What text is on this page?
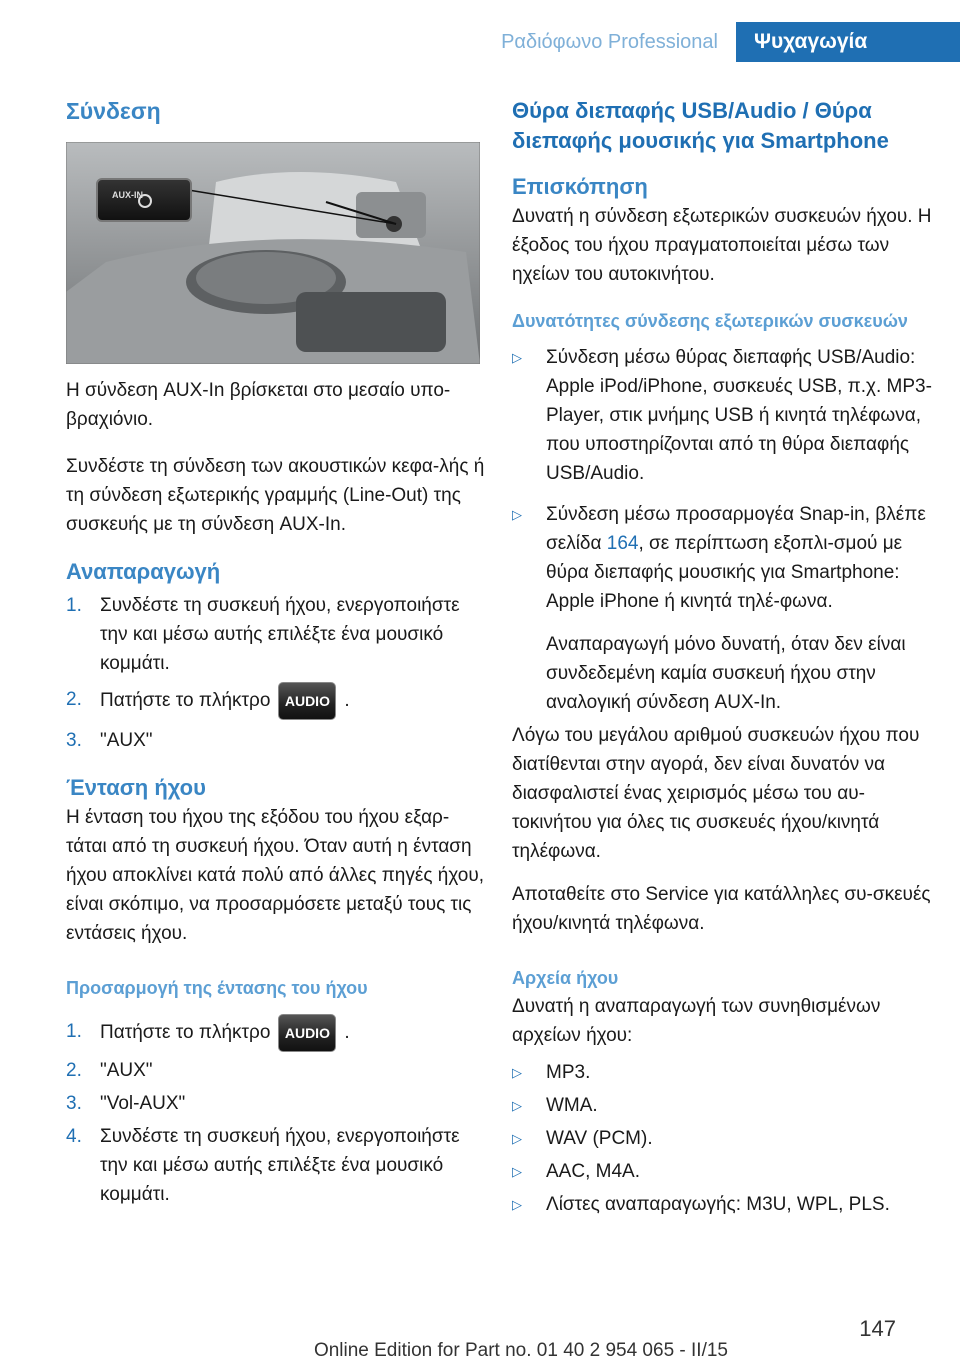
Ραδιόφωνο Professional	Ψυχαγωγία
Σύνδεση
AUX-IN

Η σύνδεση AUX-In βρίσκεται στο μεσαίο υπο‐βραχιόνιο.

Συνδέστε τη σύνδεση των ακουστικών κεφα‐λής ή τη σύνδεση εξωτερικής γραμμής (Line-Out) της συσκευής με τη σύνδεση AUX-In.

Αναπαραγωγή
1. Συνδέστε τη συσκευή ήχου, ενεργοποιήστε την και μέσω αυτής επιλέξτε ένα μουσικό κομμάτι.
2. Πατήστε το πλήκτρο AUDIO .
3. "AUX"
Ένταση ήχου

Η ένταση του ήχου της εξόδου του ήχου εξαρ‐τάται από τη συσκευή ήχου. Όταν αυτή η ένταση ήχου αποκλίνει κατά πολύ από άλλες πηγές ήχου, είναι σκόπιμο, να προσαρμόσετε μεταξύ τους τις εντάσεις ήχου.

Προσαρμογή της έντασης του ήχου
1. Πατήστε το πλήκτρο AUDIO .
2. "AUX"
3. "Vol-AUX"
4. Συνδέστε τη συσκευή ήχου, ενεργοποιήστε την και μέσω αυτής επιλέξτε ένα μουσικό κομμάτι.
Θύρα διεπαφής USB/Audio / Θύρα διεπαφής μουσικής για Smartphone
Επισκόπηση

Δυνατή η σύνδεση εξωτερικών συσκευών ήχου. Η έξοδος του ήχου πραγματοποιείται μέσω των ηχείων του αυτοκινήτου.

Δυνατότητες σύνδεσης εξωτερικών συσκευών
▷ Σύνδεση μέσω θύρας διεπαφής USB/Audio: Apple iPod/iPhone, συσκευές USB, π.χ. MP3-Player, στικ μνήμης USB ή κινητά τηλέφωνα, που υποστηρίζονται από τη θύρα διεπαφής USB/Audio.
▷ Σύνδεση μέσω προσαρμογέα Snap-in, βλέπε σελίδα 164, σε περίπτωση εξοπλι‐σμού με θύρα διεπαφής μουσικής για Smartphone: Apple iPhone ή κινητά τηλέ‐φωνα.

Αναπαραγωγή μόνο δυνατή, όταν δεν είναι συνδεδεμένη καμία συσκευή ήχου στην αναλογική σύνδεση AUX-In.

Λόγω του μεγάλου αριθμού συσκευών ήχου που διατίθενται στην αγορά, δεν είναι δυνατόν να διασφαλιστεί ένας χειρισμός μέσω του αυ‐τοκινήτου για όλες τις συσκευές ήχου/κινητά τηλέφωνα.

Αποταθείτε στο Service για κατάλληλες συ‐σκευές ήχου/κινητά τηλέφωνα.

Αρχεία ήχου

Δυνατή η αναπαραγωγή των συνηθισμένων αρχείων ήχου:

▷ MP3.
▷ WMA.
▷ WAV (PCM).
▷ AAC, M4A.
▷ Λίστες αναπαραγωγής: M3U, WPL, PLS.
147
Online Edition for Part no. 01 40 2 954 065 - II/15
